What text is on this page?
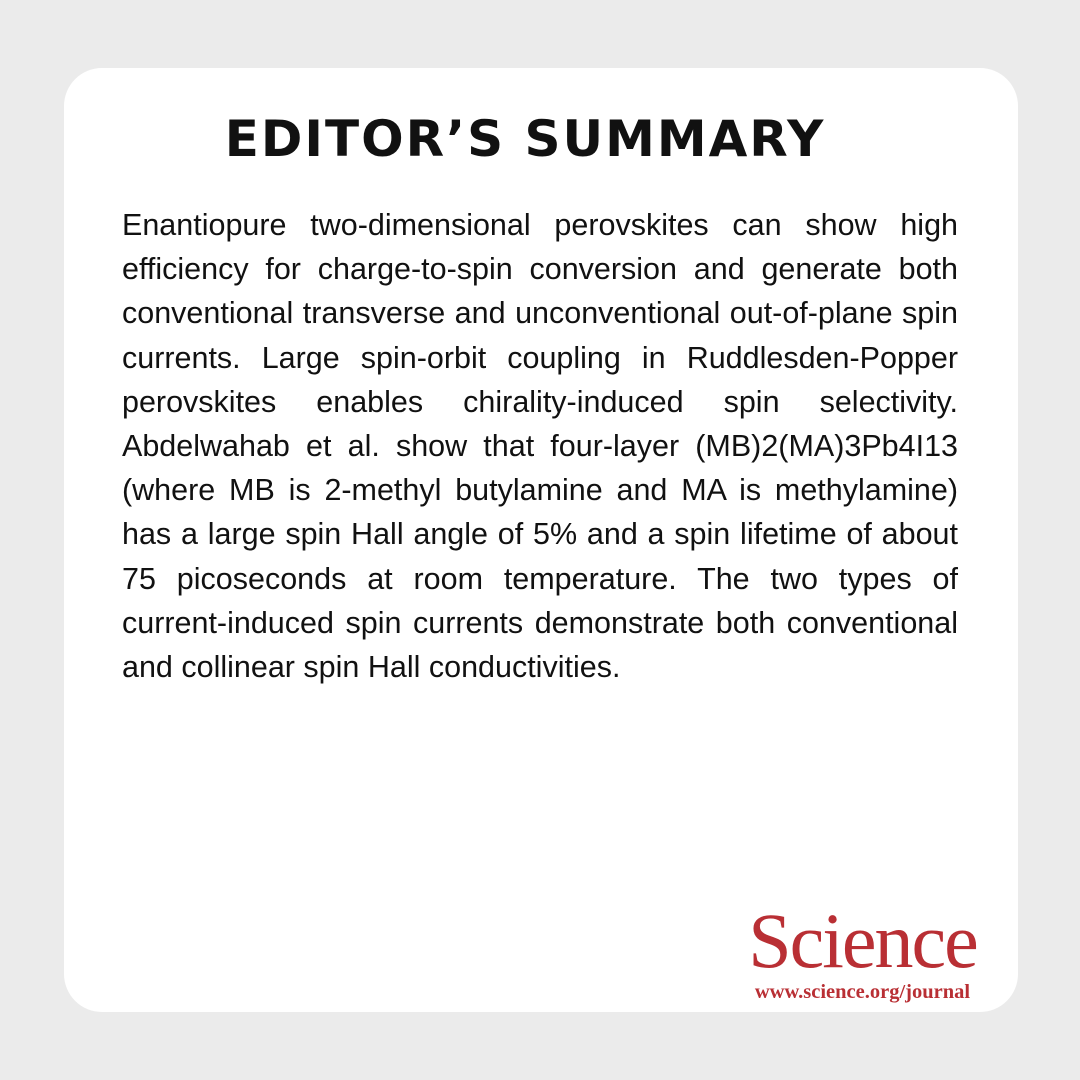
EDITOR’S SUMMARY

Enantiopure two-dimensional perovskites can show high efficiency for charge-to-spin conversion and generate both conventional transverse and unconventional out-of-plane spin currents. Large spin-orbit coupling in Ruddlesden-Popper perovskites enables chirality-induced spin selectivity. Abdelwahab et al. show that four-layer (MB)2(MA)3Pb4I13 (where MB is 2-methyl butylamine and MA is methylamine) has a large spin Hall angle of 5% and a spin lifetime of about 75 picoseconds at room temperature. The two types of current-induced spin currents demonstrate both conventional and collinear spin Hall conductivities.

Science
www.science.org/journal
